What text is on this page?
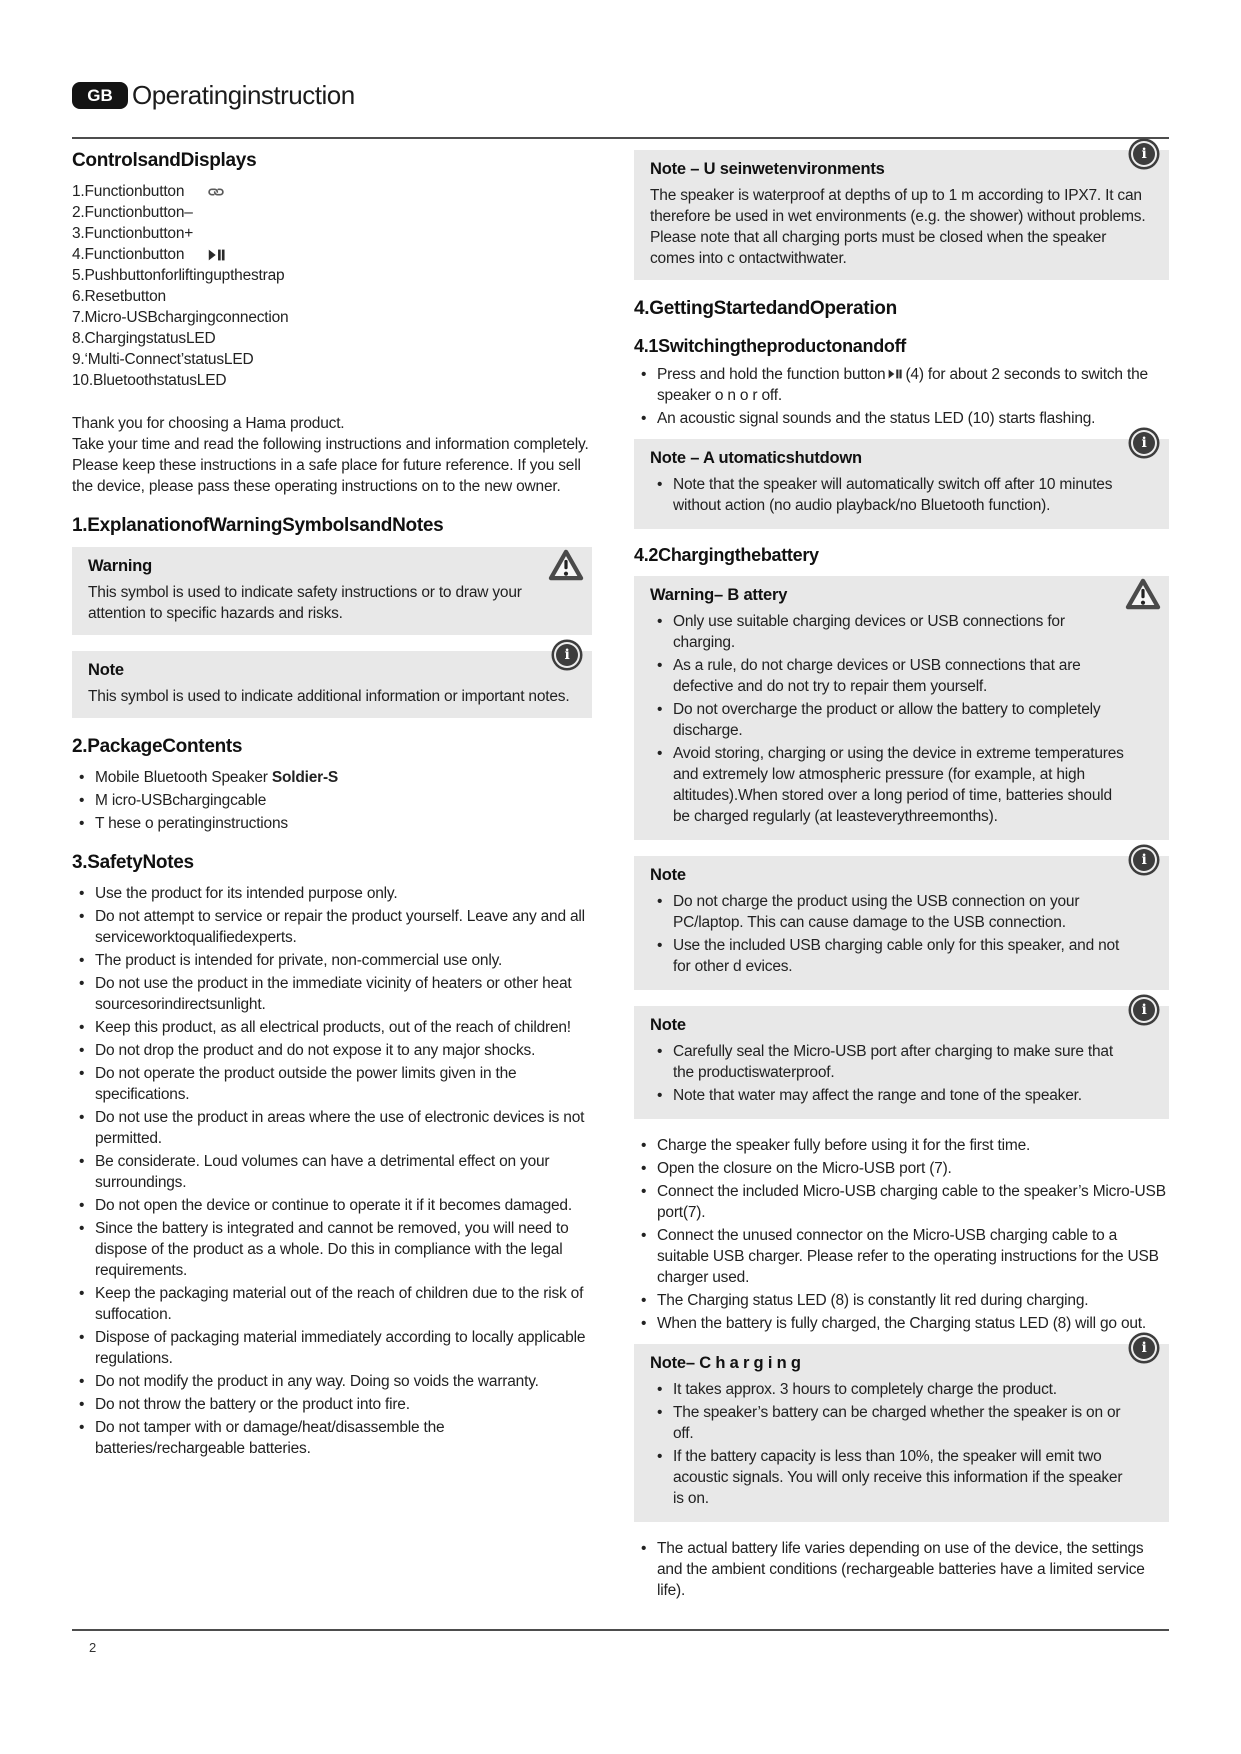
GB Operatinginstruction
ControlsandDisplays
1.Functionbutton
2.Functionbutton–
3.Functionbutton+
4.Functionbutton
5.Pushbuttonforliftingupthestrap
6.Resetbutton
7.Micro-USBchargingconnection
8.ChargingstatusLED
9.‘Multi-Connect’statusLED
10.BluetoothstatusLED

Thank you for choosing a Hama product.

Take your time and read the following instructions and information completely.

Please keep these instructions in a safe place for future reference. If you sell the device, please pass these operating instructions on to the new owner.

1.ExplanationofWarningSymbolsandNotes
Warning

This symbol is used to indicate safety instructions or to draw your attention to specific hazards and risks.

i
Note

This symbol is used to indicate additional information or important notes.

2.PackageContents
• Mobile Bluetooth Speaker Soldier-S
• M icro-USBchargingcable
• T hese o peratinginstructions
3.SafetyNotes
• Use the product for its intended purpose only.
• Do not attempt to service or repair the product yourself. Leave any and all serviceworktoqualifiedexperts.
• The product is intended for private, non-commercial use only.
• Do not use the product in the immediate vicinity of heaters or other heat sourcesorindirectsunlight.
• Keep this product, as all electrical products, out of the reach of children!
• Do not drop the product and do not expose it to any major shocks.
• Do not operate the product outside the power limits given in the specifications.
• Do not use the product in areas where the use of electronic devices is not permitted.
• Be considerate. Loud volumes can have a detrimental effect on your surroundings.
• Do not open the device or continue to operate it if it becomes damaged.
• Since the battery is integrated and cannot be removed, you will need to dispose of the product as a whole. Do this in compliance with the legal requirements.
• Keep the packaging material out of the reach of children due to the risk of suffocation.
• Dispose of packaging material immediately according to locally applicable regulations.
• Do not modify the product in any way. Doing so voids the warranty.
• Do not throw the battery or the product into fire.
• Do not tamper with or damage/heat/disassemble the batteries/rechargeable batteries.
i
Note – U seinwetenvironments

The speaker is waterproof at depths of up to 1 m according to IPX7. It can therefore be used in wet environments (e.g. the shower) without problems. Please note that all charging ports must be closed when the speaker comes into c ontactwithwater.

4.GettingStartedandOperation
4.1Switchingtheproductonandoff
• Press and hold the function button (4) for about 2 seconds to switch the speaker o n o r off.
• An acoustic signal sounds and the status LED (10) starts flashing.
i
Note – A utomaticshutdown
• Note that the speaker will automatically switch off after 10 minutes without action (no audio playback/no Bluetooth function).
4.2Chargingthebattery
Warning– B attery
• Only use suitable charging devices or USB connections for charging.
• As a rule, do not charge devices or USB connections that are defective and do not try to repair them yourself.
• Do not overcharge the product or allow the battery to completely discharge.
• Avoid storing, charging or using the device in extreme temperatures and extremely low atmospheric pressure (for example, at high altitudes).When stored over a long period of time, batteries should be charged regularly (at leasteverythreemonths).
i
Note
• Do not charge the product using the USB connection on your PC/laptop. This can cause damage to the USB connection.
• Use the included USB charging cable only for this speaker, and not for other d evices.
i
Note
• Carefully seal the Micro-USB port after charging to make sure that the productiswaterproof.
• Note that water may affect the range and tone of the speaker.
• Charge the speaker fully before using it for the first time.
• Open the closure on the Micro-USB port (7).
• Connect the included Micro-USB charging cable to the speaker’s Micro-USB port(7).
• Connect the unused connector on the Micro-USB charging cable to a suitable USB charger. Please refer to the operating instructions for the USB charger used.
• The Charging status LED (8) is constantly lit red during charging.
• When the battery is fully charged, the Charging status LED (8) will go out.
i
Note– C h a r g i n g
• It takes approx. 3 hours to completely charge the product.
• The speaker’s battery can be charged whether the speaker is on or off.
• If the battery capacity is less than 10%, the speaker will emit two acoustic signals. You will only receive this information if the speaker is on.
• The actual battery life varies depending on use of the device, the settings and the ambient conditions (rechargeable batteries have a limited service life).
2
